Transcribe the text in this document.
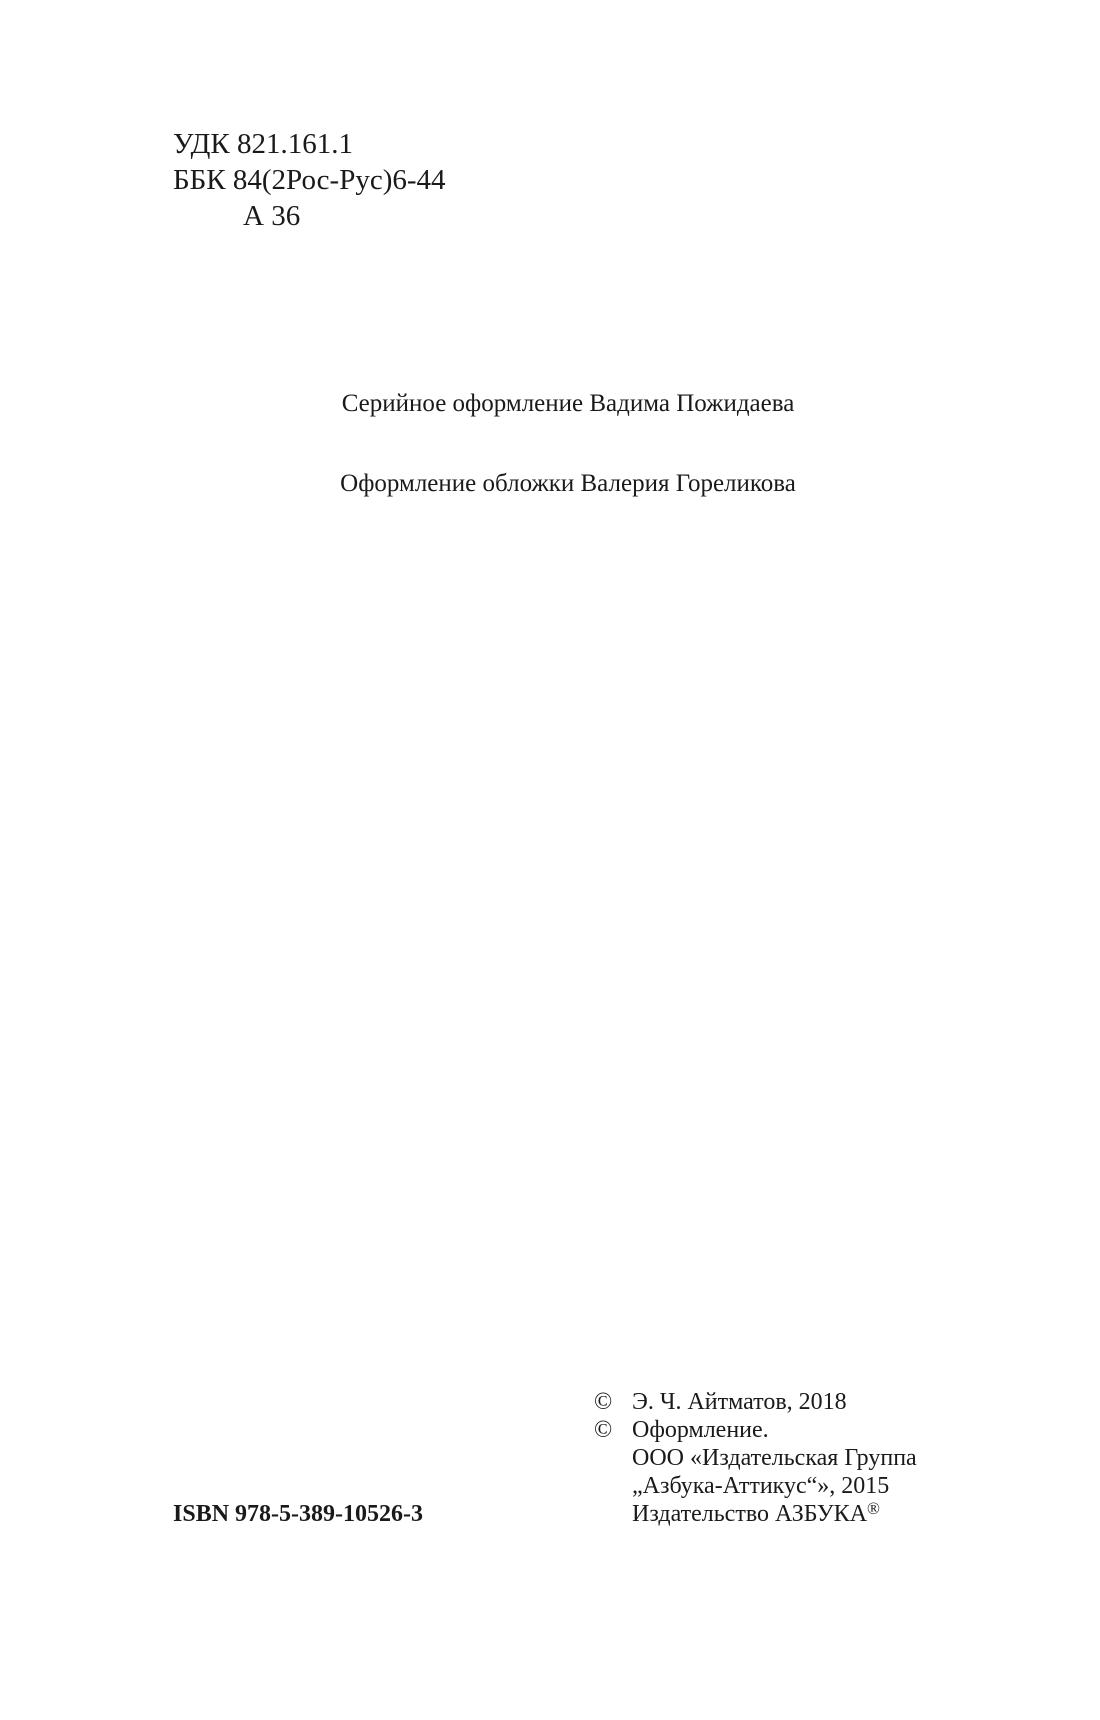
УДК 821.161.1
ББК 84(2Рос-Рус)6-44
А 36
Серийное оформление Вадима Пожидаева
Оформление обложки Валерия Гореликова
ISBN 978-5-389-10526-3
© Э. Ч. Айтматов, 2018
© Оформление.
ООО «Издательская Группа
„Азбука-Аттикус“», 2015
Издательство АЗБУКА®
